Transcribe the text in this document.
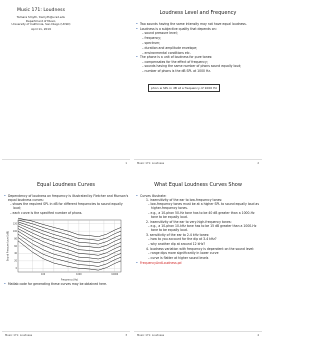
Music 171: Loudness
Tamara Smyth, trsmyth@ucsd.edu
Department of Music,
University of California, San Diego (UCSD)
April 11, 2019
1
Loudness Level and Frequency
• Two sounds having the same intensity may not have equal loudness.
• Loudness is a subjective quality that depends on:
– sound pressure level;
– frequency;
– spectrum;
– duration and amplitude envelope;
– environmental conditions etc.
• The phone is a unit of loudness for pure tones:
– compensates for the effect of frequency;
– sounds having the same number of phons sound equally loud;
– number of phons is the dB SPL at 1000 Hz.
phon ≡ SPL in dB at a frequency of 1000 Hz
Music 171: Loudness	2
Equal Loudness Curves
• Dependency of loudness on frequency is illustrated by Fletcher and Munson's equal loudness curves:
– shows the required SPL in dB for different frequencies to sound equally loud;
– each curve is the specified number of phons.
0
20
40
60
80
100
120
100	1000	10000
Frequency (Hz)
Sound Pressure Level (dB)
• Matlab code for generating these curves may be obtained here.
Music 171: Loudness	3
What Equal Loudness Curves Show
• Curves illustrate:
1. insensitivity of the ear to low-frequency tones:
– low-frequency tones must be at a higher SPL to sound equally loud as higher-frequency tones.
– e.g., a 10-phon 50-Hz tone has to be 40 dB greater than a 1000-Hz tone to be equally loud.
2. insensitivity of the ear to very-high-frequency tones:
– e.g., a 10-phon 10-kHz tone has to be 15 dB greater than a 1000-Hz tone to be equally loud.
3. sensitivity of the ear to 2-4 kHz tones:
– how to you account for the dip at 3-4 kHz?
– why another dip at around 12 kHz?
4. loudness variation with frequency is dependent on the sound level:
– range dips more significantly in lower curve
– curve is flatter at higher sound levels
• FrequencyAndLoudness.pd
Music 171: Loudness	4
